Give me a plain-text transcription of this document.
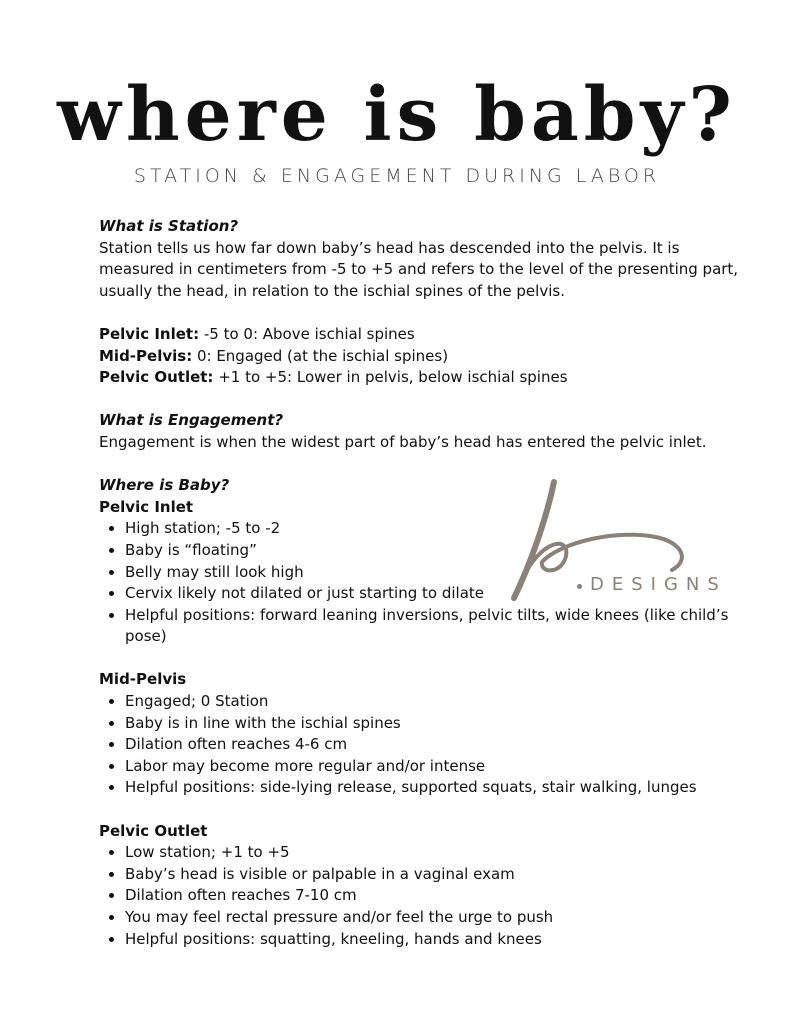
where is baby?
STATION & ENGAGEMENT DURING LABOR

What is Station?

Station tells us how far down baby’s head has descended into the pelvis. It is measured in centimeters from -5 to +5 and refers to the level of the presenting part, usually the head, in relation to the ischial spines of the pelvis.

Pelvic Inlet: -5 to 0: Above ischial spines

Mid-Pelvis: 0: Engaged (at the ischial spines)

Pelvic Outlet: +1 to +5: Lower in pelvis, below ischial spines

What is Engagement?

Engagement is when the widest part of baby’s head has entered the pelvic inlet.

Where is Baby?

Pelvic Inlet

• High station; -5 to -2
• Baby is “floating”
• Belly may still look high
• Cervix likely not dilated or just starting to dilate
• Helpful positions: forward leaning inversions, pelvic tilts, wide knees (like child’s pose)

Mid-Pelvis

• Engaged; 0 Station
• Baby is in line with the ischial spines
• Dilation often reaches 4-6 cm
• Labor may become more regular and/or intense
• Helpful positions: side-lying release, supported squats, stair walking, lunges

Pelvic Outlet

• Low station; +1 to +5
• Baby’s head is visible or palpable in a vaginal exam
• Dilation often reaches 7-10 cm
• You may feel rectal pressure and/or feel the urge to push
• Helpful positions: squatting, kneeling, hands and knees
DESIGNS
